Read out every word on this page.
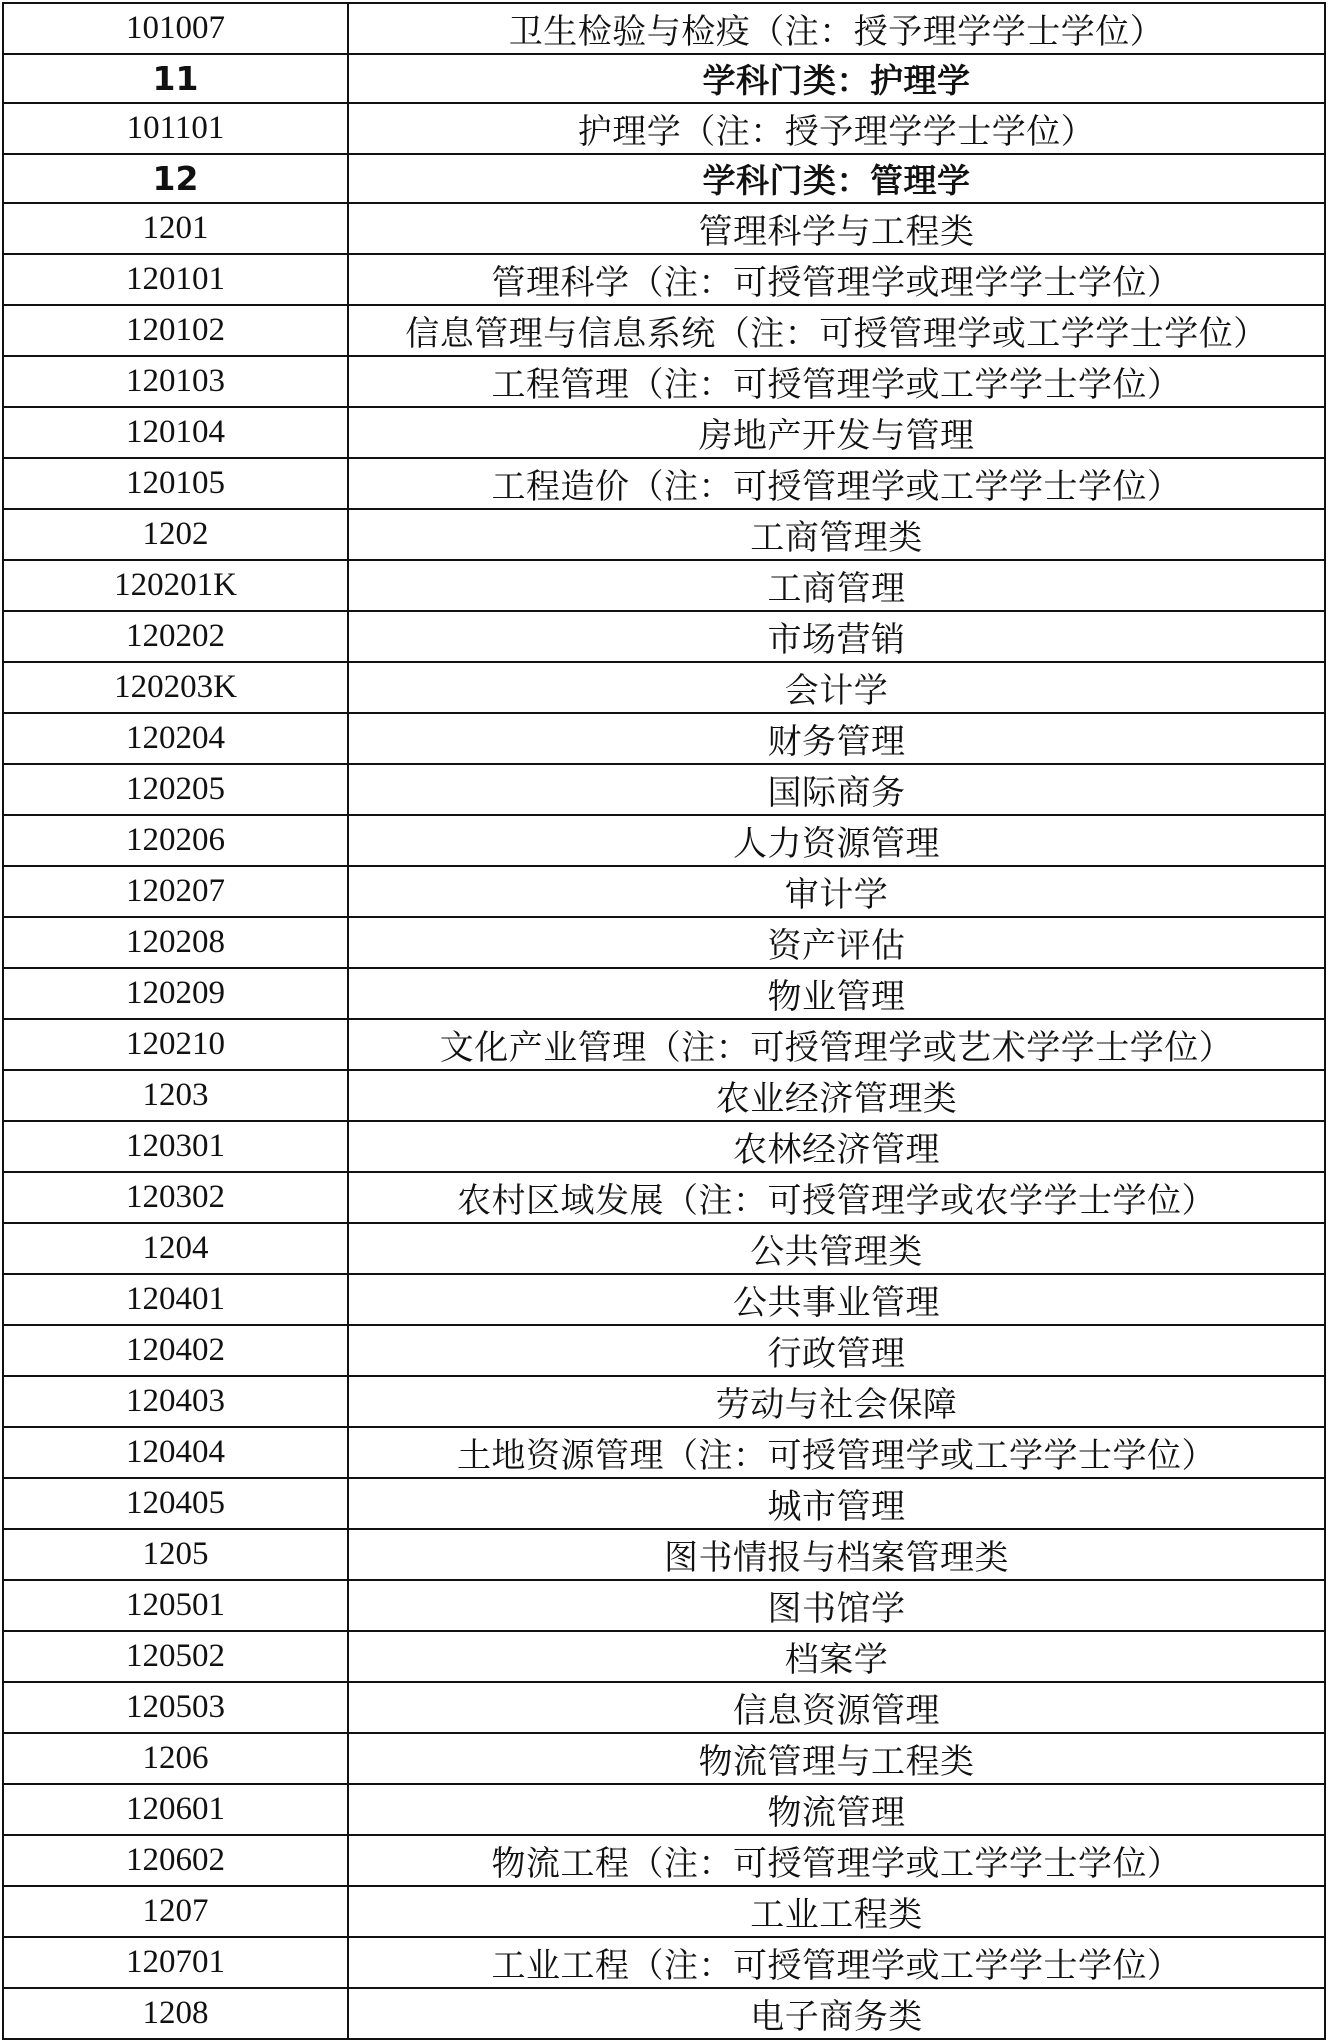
101007	卫生检验与检疫（注：授予理学学士学位）
11	学科门类：护理学
101101	护理学（注：授予理学学士学位）
12	学科门类：管理学
1201	管理科学与工程类
120101	管理科学（注：可授管理学或理学学士学位）
120102	信息管理与信息系统（注：可授管理学或工学学士学位）
120103	工程管理（注：可授管理学或工学学士学位）
120104	房地产开发与管理
120105	工程造价（注：可授管理学或工学学士学位）
1202	工商管理类
120201K	工商管理
120202	市场营销
120203K	会计学
120204	财务管理
120205	国际商务
120206	人力资源管理
120207	审计学
120208	资产评估
120209	物业管理
120210	文化产业管理（注：可授管理学或艺术学学士学位）
1203	农业经济管理类
120301	农林经济管理
120302	农村区域发展（注：可授管理学或农学学士学位）
1204	公共管理类
120401	公共事业管理
120402	行政管理
120403	劳动与社会保障
120404	土地资源管理（注：可授管理学或工学学士学位）
120405	城市管理
1205	图书情报与档案管理类
120501	图书馆学
120502	档案学
120503	信息资源管理
1206	物流管理与工程类
120601	物流管理
120602	物流工程（注：可授管理学或工学学士学位）
1207	工业工程类
120701	工业工程（注：可授管理学或工学学士学位）
1208	电子商务类
